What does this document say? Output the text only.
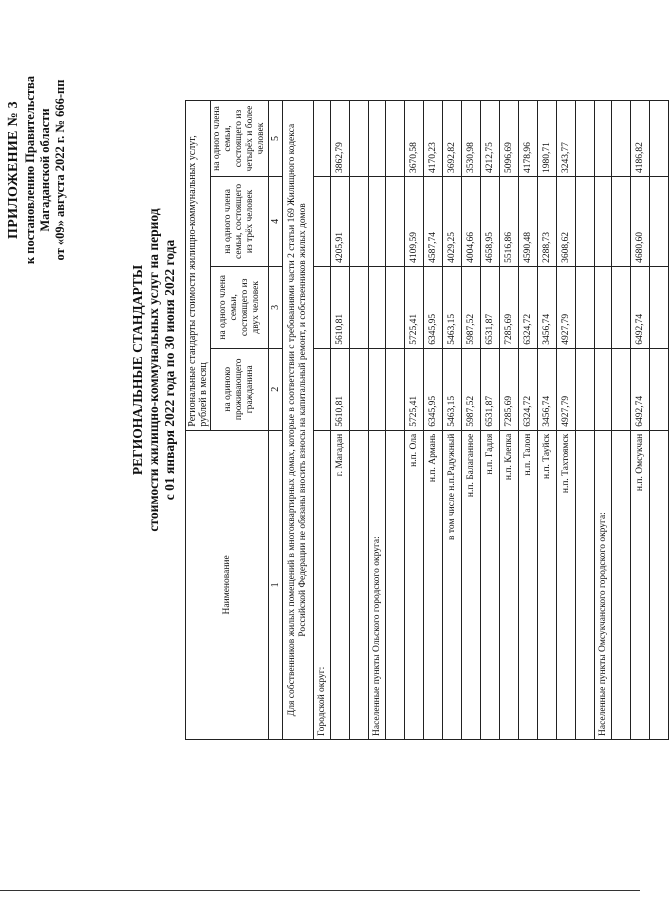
ПРИЛОЖЕНИЕ № 3 к постановлению Правительства Магаданской области от «09» августа 2022 г. № 666-пп
РЕГИОНАЛЬНЫЕ СТАНДАРТЫ стоимости жилищно-коммунальных услуг на период с 01 января 2022 года по 30 июня 2022 года
Наименование	Региональные стандарты стоимости жилищно-коммунальных услуг, рублей в месяц			
	на одиноко проживающего гражданина	на одного члена семьи, состоящего из двух человек	на одного члена семьи, состоящего из трёх человек	на одного члена семьи, состоящего из четырёх и более человек
1	2	3	4	5
Для собственников жилых помещений в многоквартирных домах, которые в соответствии с требованиями части 2 статьи 169 Жилищного кодекса Российской Федерации не обязаны вносить взносы на капитальный ремонт, и собственников жилых домов				
Городской округ:				
г. Магадан	5610,81	5610,81	4205,91	3862,79

Населенные пункты Ольского городского округа:				

н.п. Ола	5725,41	5725,41	4109,59	3670,58
н.п. Армань	6345,95	6345,95	4587,74	4170,23
в том числе н.п.Радужный	5463,15	5463,15	4029,25	3692,82
н.п. Балаганное	5987,52	5987,52	4004,66	3530,98
н.п. Гадля	6531,87	6531,87	4658,95	4212,75
н.п. Клепка	7285,69	7285,69	5516,86	5096,69
н.п. Талон	6324,72	6324,72	4590,48	4178,96
н.п. Тауйск	3456,74	3456,74	2288,73	1980,71
н.п. Тахтоямск	4927,79	4927,79	3608,62	3243,77

Населенные пункты Омсукчанского городского округа:				

н.п. Омсукчан	6492,74	6492,74	4680,60	4186,82
